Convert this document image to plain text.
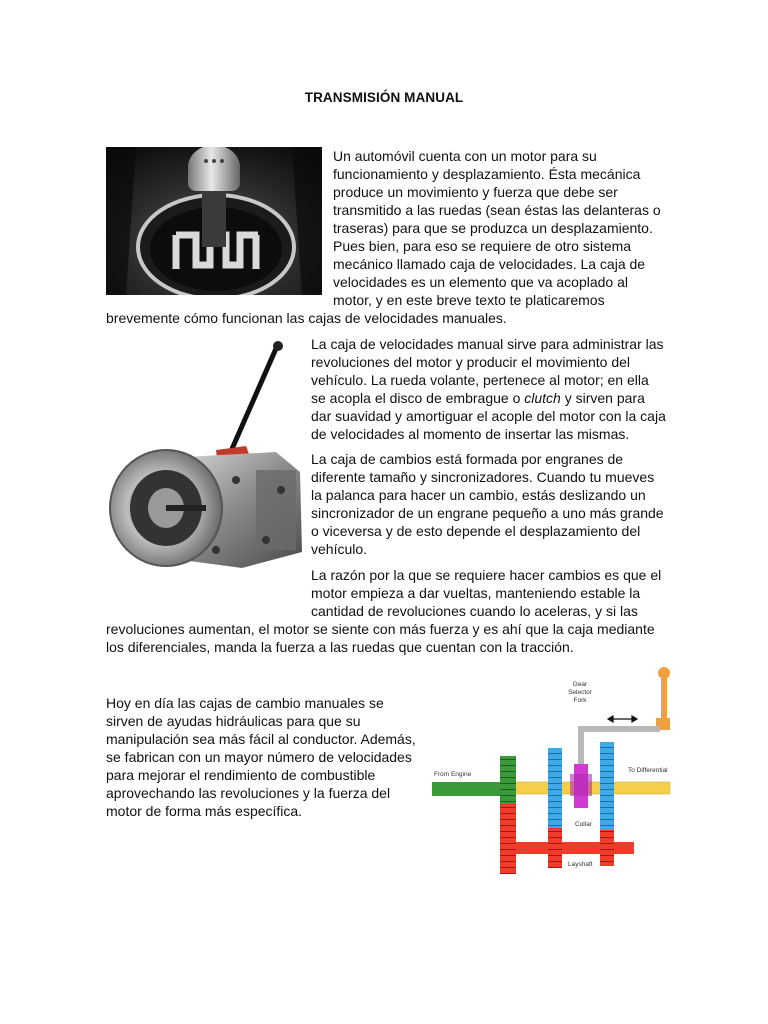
TRANSMISIÓN MANUAL
Un automóvil cuenta con un motor para su
funcionamiento y desplazamiento. Ésta mecánica
produce un movimiento y fuerza que debe ser
transmitido a las ruedas (sean éstas las delanteras o
traseras) para que se produzca un desplazamiento.
Pues bien, para eso se requiere de otro sistema
mecánico llamado caja de velocidades. La caja de
velocidades es un elemento que va acoplado al
motor, y en este breve texto te platicaremos
brevemente cómo funcionan las cajas de velocidades manuales.
La caja de velocidades manual sirve para administrar las
revoluciones del motor y producir el movimiento del
vehículo. La rueda volante, pertenece al motor; en ella
se acopla el disco de embrague o clutch y sirven para
dar suavidad y amortiguar el acople del motor con la caja
de velocidades al momento de insertar las mismas.
La caja de cambios está formada por engranes de
diferente tamaño y sincronizadores. Cuando tu mueves
la palanca para hacer un cambio, estás deslizando un
sincronizador de un engrane pequeño a uno más grande
o viceversa y de esto depende el desplazamiento del
vehículo.
La razón por la que se requiere hacer cambios es que el
motor empieza a dar vueltas, manteniendo estable la
cantidad de revoluciones cuando lo aceleras, y si las
revoluciones aumentan, el motor se siente con más fuerza y es ahí que la caja mediante
los diferenciales, manda la fuerza a las ruedas que cuentan con la tracción.
Hoy en día las cajas de cambio manuales se
sirven de ayudas hidráulicas para que su
manipulación sea más fácil al conductor. Además,
se fabrican con un mayor número de velocidades
para mejorar el rendimiento de combustible
aprovechando las revoluciones y la fuerza del
motor de forma más específica.
Gear
Selector
Fork
From Engine
To Differential
Collar
Layshaft
